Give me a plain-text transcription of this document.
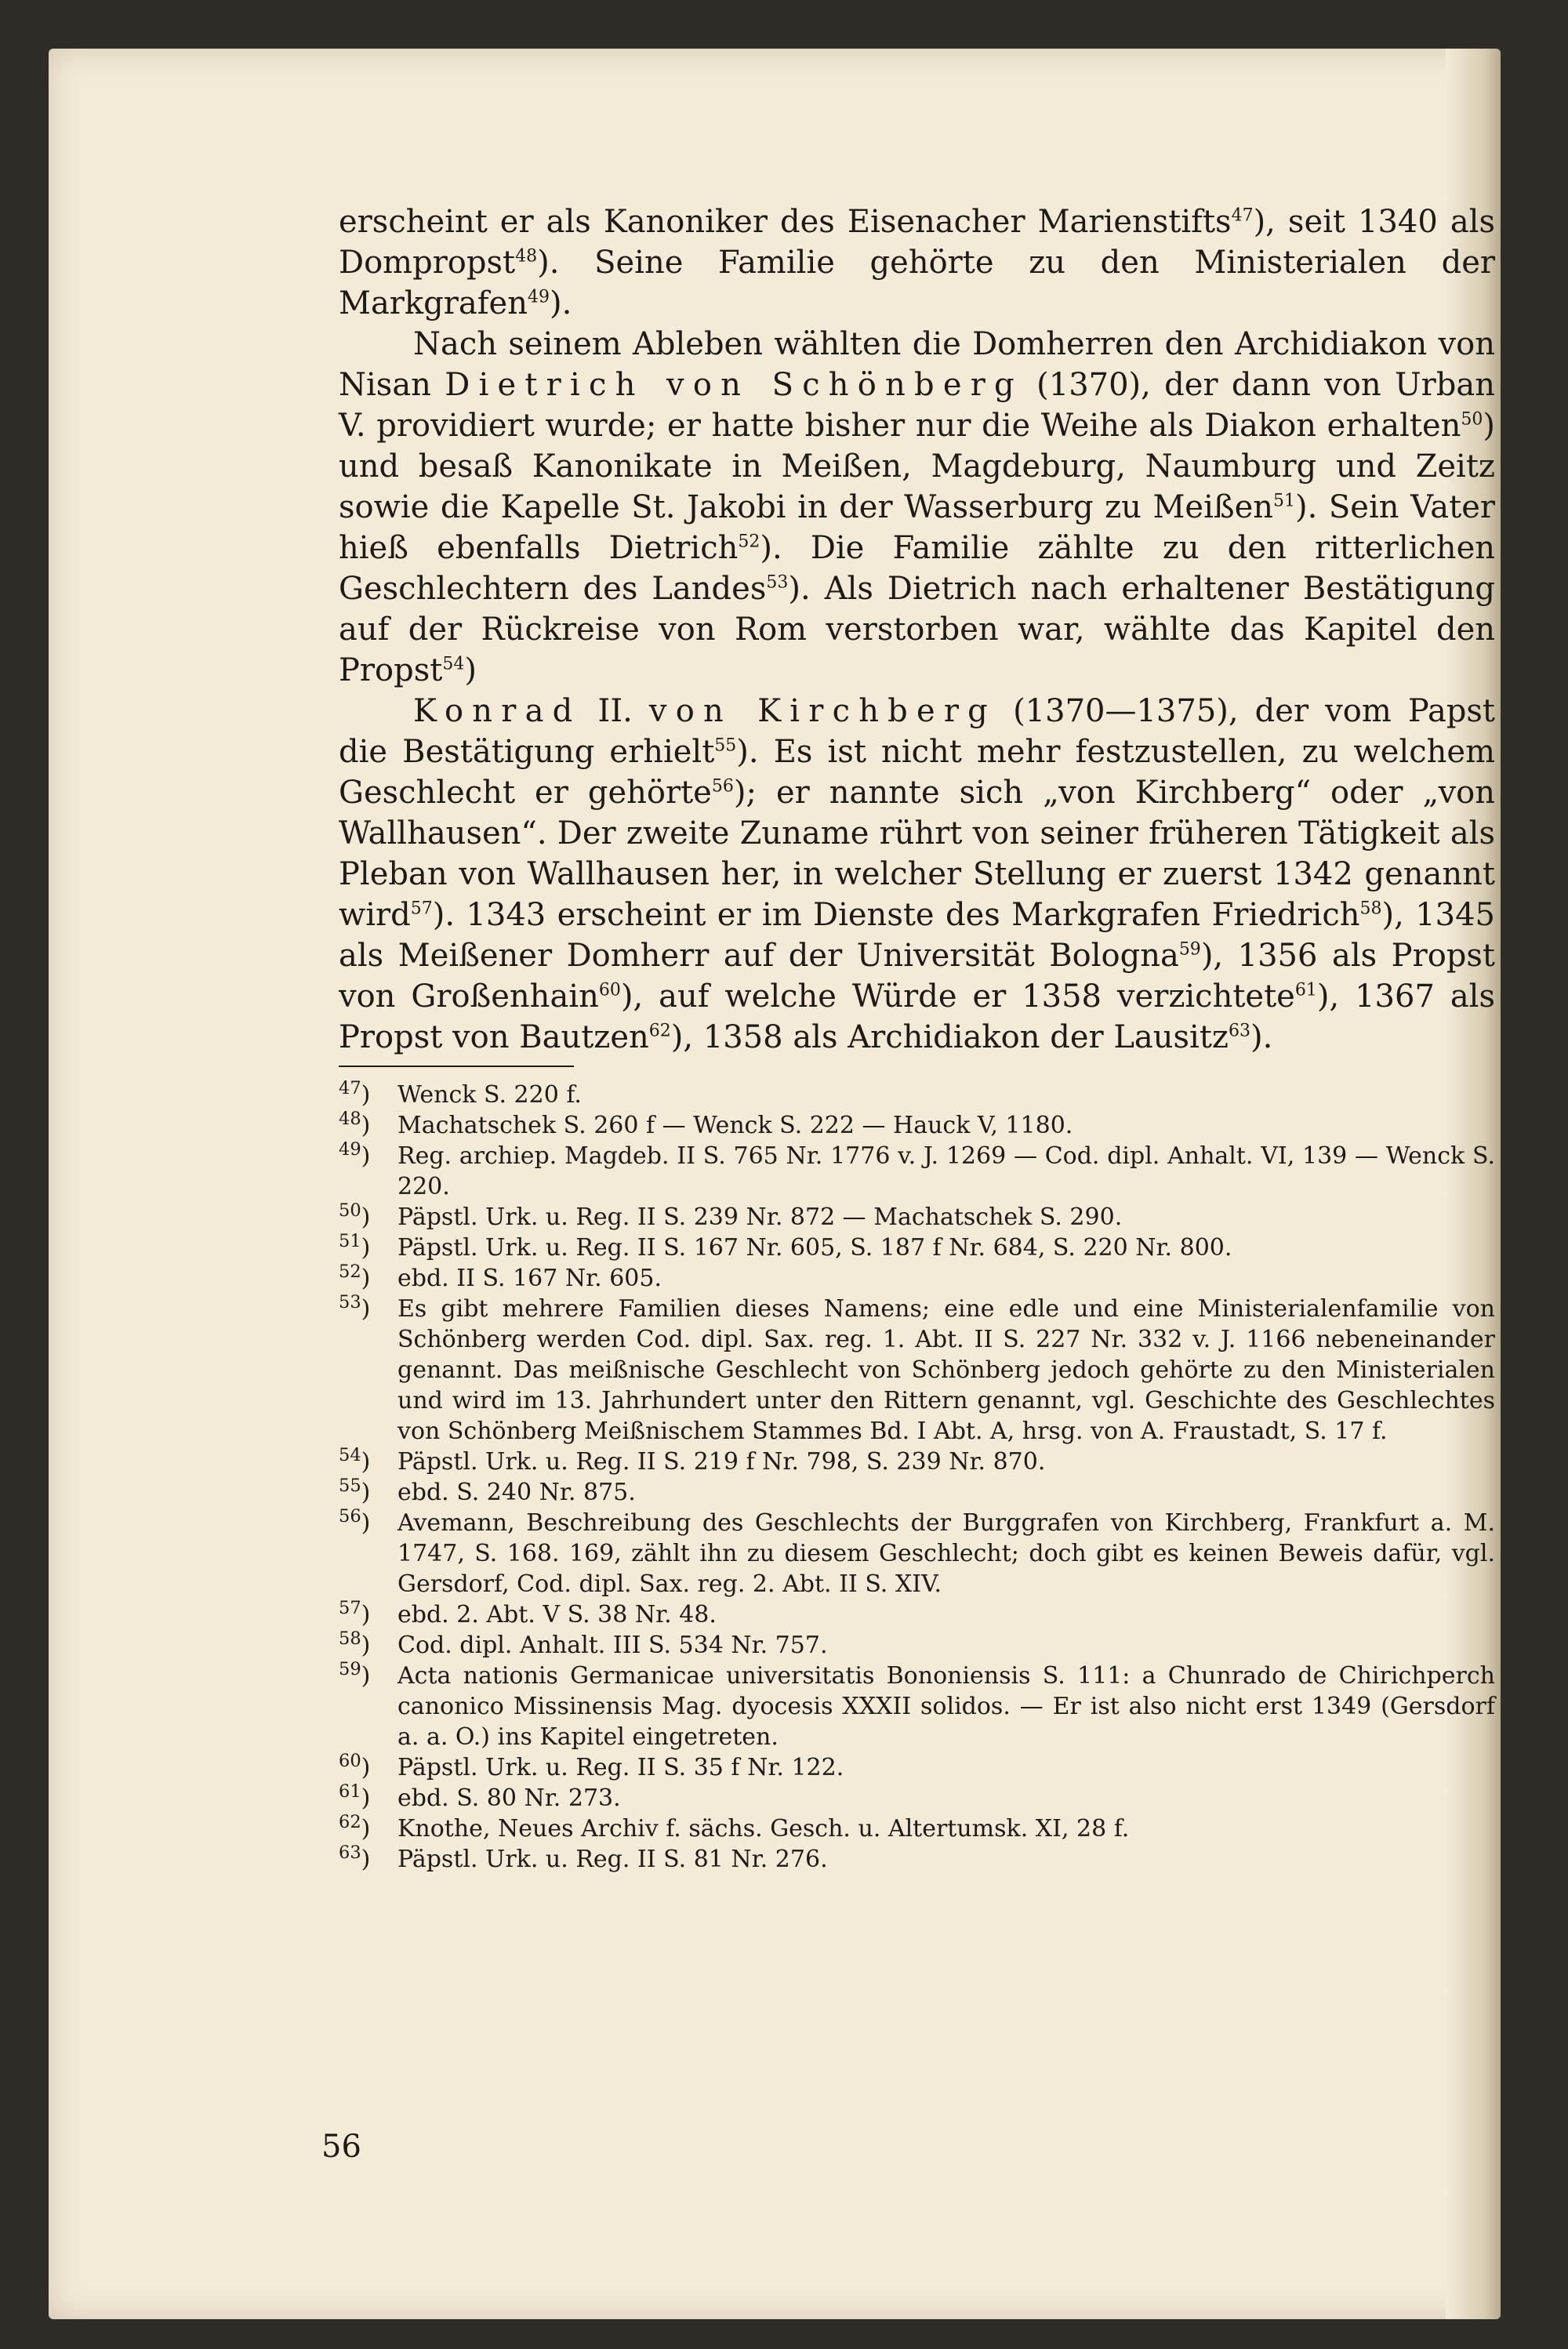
erscheint er als Kanoniker des Eisenacher Marienstifts$^{47}$), seit 1340 als Dompropst$^{48}$). Seine Familie gehörte zu den Ministerialen der Markgrafen$^{49}$).

Nach seinem Ableben wählten die Domherren den Archidiakon von Nisan Dietrich von Schönberg (1370), der dann von Urban V. providiert wurde; er hatte bisher nur die Weihe als Diakon erhalten$^{50}$) und besaß Kanonikate in Meißen, Magdeburg, Naumburg und Zeitz sowie die Kapelle St. Jakobi in der Wasserburg zu Meißen$^{51}$). Sein Vater hieß ebenfalls Dietrich$^{52}$). Die Familie zählte zu den ritterlichen Geschlechtern des Landes$^{53}$). Als Dietrich nach erhaltener Bestätigung auf der Rückreise von Rom verstorben war, wählte das Kapitel den Propst$^{54}$)

Konrad II. von Kirchberg (1370—1375), der vom Papst die Bestätigung erhielt$^{55}$). Es ist nicht mehr festzustellen, zu welchem Geschlecht er gehörte$^{56}$); er nannte sich „von Kirchberg“ oder „von Wallhausen“. Der zweite Zuname rührt von seiner früheren Tätigkeit als Pleban von Wallhausen her, in welcher Stellung er zuerst 1342 genannt wird$^{57}$). 1343 erscheint er im Dienste des Markgrafen Friedrich$^{58}$), 1345 als Meißener Domherr auf der Universität Bologna$^{59}$), 1356 als Propst von Großenhain$^{60}$), auf welche Würde er 1358 verzichtete$^{61}$), 1367 als Propst von Bautzen$^{62}$), 1358 als Archidiakon der Lausitz$^{63}$).

$^{47}$)	Wenck S. 220 f.
$^{48}$)	Machatschek S. 260 f — Wenck S. 222 — Hauck V, 1180.
$^{49}$)	Reg. archiep. Magdeb. II S. 765 Nr. 1776 v. J. 1269 — Cod. dipl. Anhalt. VI, 139 — Wenck S. 220.
$^{50}$)	Päpstl. Urk. u. Reg. II S. 239 Nr. 872 — Machatschek S. 290.
$^{51}$)	Päpstl. Urk. u. Reg. II S. 167 Nr. 605, S. 187 f Nr. 684, S. 220 Nr. 800.
$^{52}$)	ebd. II S. 167 Nr. 605.
$^{53}$)	Es gibt mehrere Familien dieses Namens; eine edle und eine Ministerialenfamilie von Schönberg werden Cod. dipl. Sax. reg. 1. Abt. II S. 227 Nr. 332 v. J. 1166 nebeneinander genannt. Das meißnische Geschlecht von Schönberg jedoch gehörte zu den Ministerialen und wird im 13. Jahrhundert unter den Rittern genannt, vgl. Geschichte des Geschlechtes von Schönberg Meißnischem Stammes Bd. I Abt. A, hrsg. von A. Fraustadt, S. 17 f.
$^{54}$)	Päpstl. Urk. u. Reg. II S. 219 f Nr. 798, S. 239 Nr. 870.
$^{55}$)	ebd. S. 240 Nr. 875.
$^{56}$)	Avemann, Beschreibung des Geschlechts der Burggrafen von Kirchberg, Frankfurt a. M. 1747, S. 168. 169, zählt ihn zu diesem Geschlecht; doch gibt es keinen Beweis dafür, vgl. Gersdorf, Cod. dipl. Sax. reg. 2. Abt. II S. XIV.
$^{57}$)	ebd. 2. Abt. V S. 38 Nr. 48.
$^{58}$)	Cod. dipl. Anhalt. III S. 534 Nr. 757.
$^{59}$)	Acta nationis Germanicae universitatis Bononiensis S. 111: a Chunrado de Chirichperch canonico Missinensis Mag. dyocesis XXXII solidos. — Er ist also nicht erst 1349 (Gersdorf a. a. O.) ins Kapitel eingetreten.
$^{60}$)	Päpstl. Urk. u. Reg. II S. 35 f Nr. 122.
$^{61}$)	ebd. S. 80 Nr. 273.
$^{62}$)	Knothe, Neues Archiv f. sächs. Gesch. u. Altertumsk. XI, 28 f.
$^{63}$)	Päpstl. Urk. u. Reg. II S. 81 Nr. 276.
56
